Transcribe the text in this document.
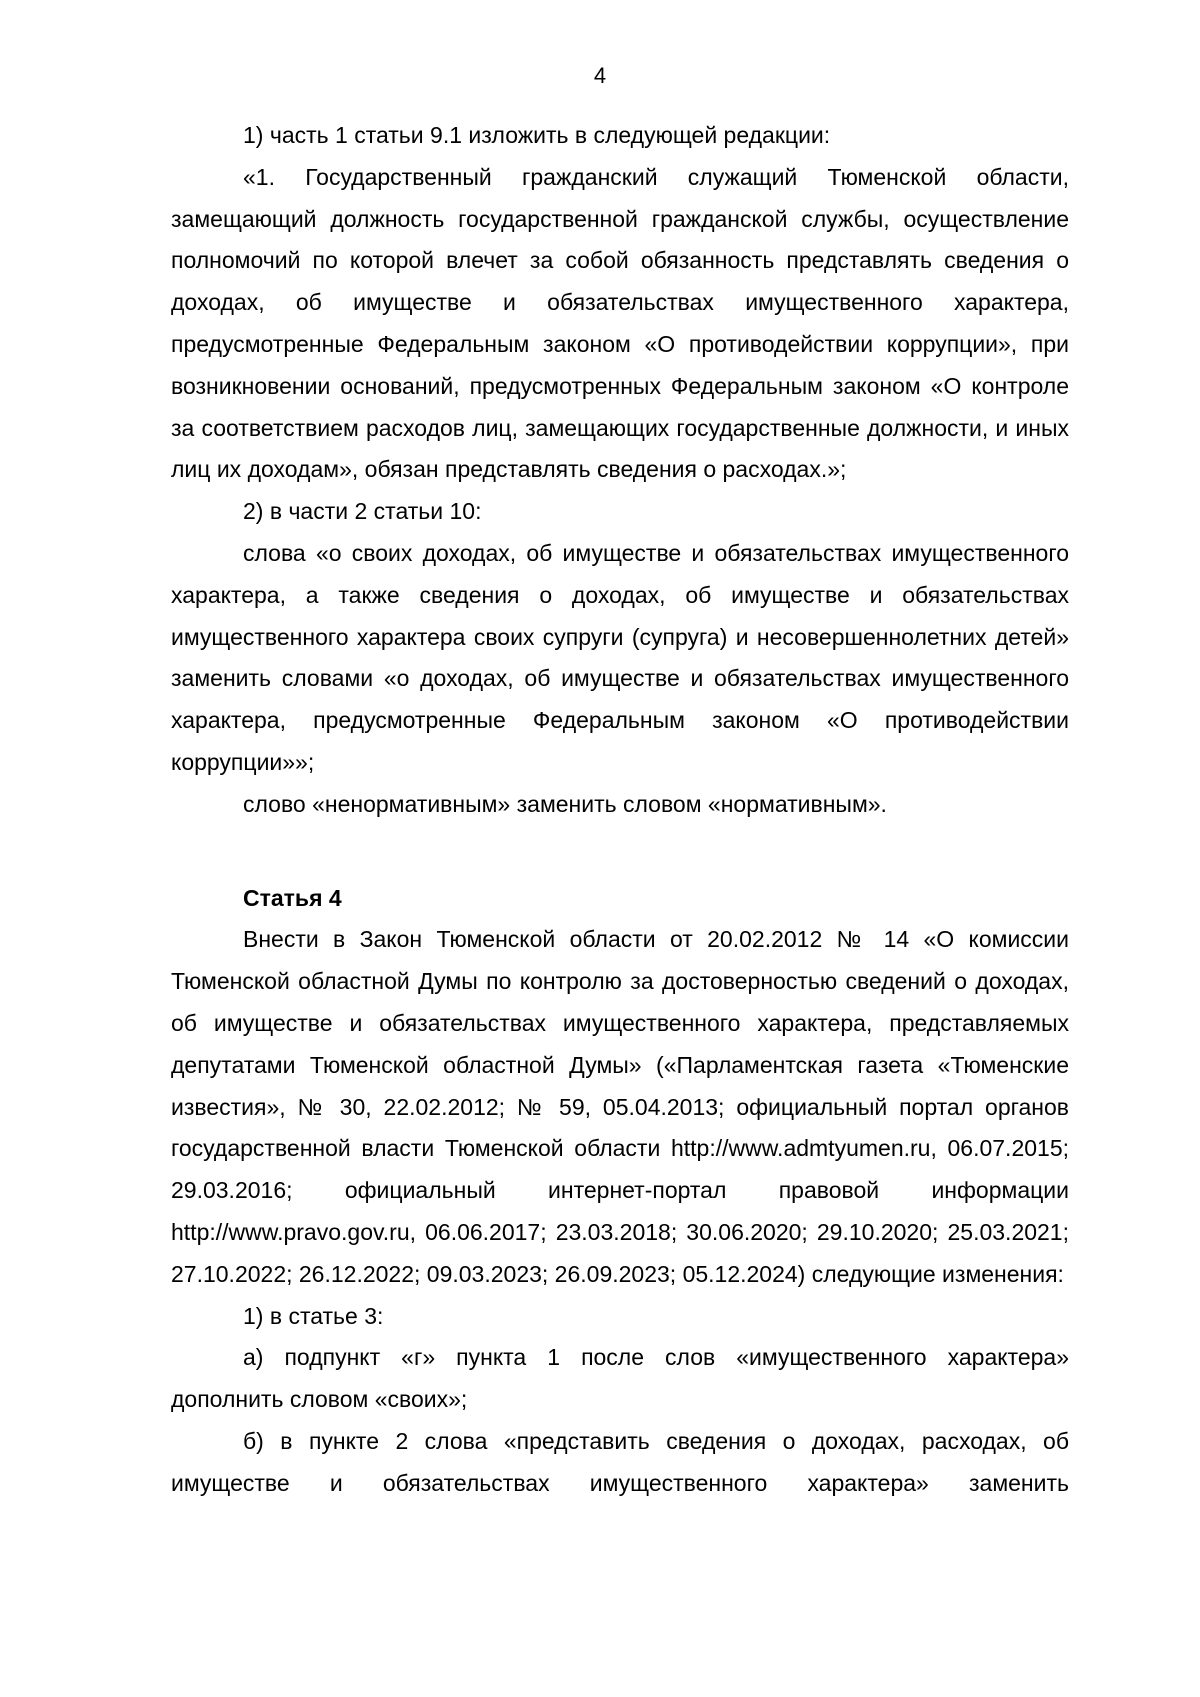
4

1) часть 1 статьи 9.1 изложить в следующей редакции:

«1. Государственный гражданский служащий Тюменской области, замещающий должность государственной гражданской службы, осуществление полномочий по которой влечет за собой обязанность представлять сведения о доходах, об имуществе и обязательствах имущественного характера, предусмотренные Федеральным законом «О противодействии коррупции», при возникновении оснований, предусмотренных Федеральным законом «О контроле за соответствием расходов лиц, замещающих государственные должности, и иных лиц их доходам», обязан представлять сведения о расходах.»;

2) в части 2 статьи 10:

слова «о своих доходах, об имуществе и обязательствах имущественного характера, а также сведения о доходах, об имуществе и обязательствах имущественного характера своих супруги (супруга) и несовершеннолетних детей» заменить словами «о доходах, об имуществе и обязательствах имущественного характера, предусмотренные Федеральным законом «О противодействии коррупции»»;

слово «ненормативным» заменить словом «нормативным».

Статья 4

Внести в Закон Тюменской области от 20.02.2012 № 14 «О комиссии Тюменской областной Думы по контролю за достоверностью сведений о доходах, об имуществе и обязательствах имущественного характера, представляемых депутатами Тюменской областной Думы» («Парламентская газета «Тюменские известия», № 30, 22.02.2012; № 59, 05.04.2013; официальный портал органов государственной власти Тюменской области http://www.admtyumen.ru, 06.07.2015; 29.03.2016; официальный интернет-портал правовой информации http://www.pravo.gov.ru, 06.06.2017; 23.03.2018; 30.06.2020; 29.10.2020; 25.03.2021; 27.10.2022; 26.12.2022; 09.03.2023; 26.09.2023; 05.12.2024) следующие изменения:

1) в статье 3:

а) подпункт «г» пункта 1 после слов «имущественного характера» дополнить словом «своих»;

б) в пункте 2 слова «представить сведения о доходах, расходах, об имуществе и обязательствах имущественного характера» заменить
